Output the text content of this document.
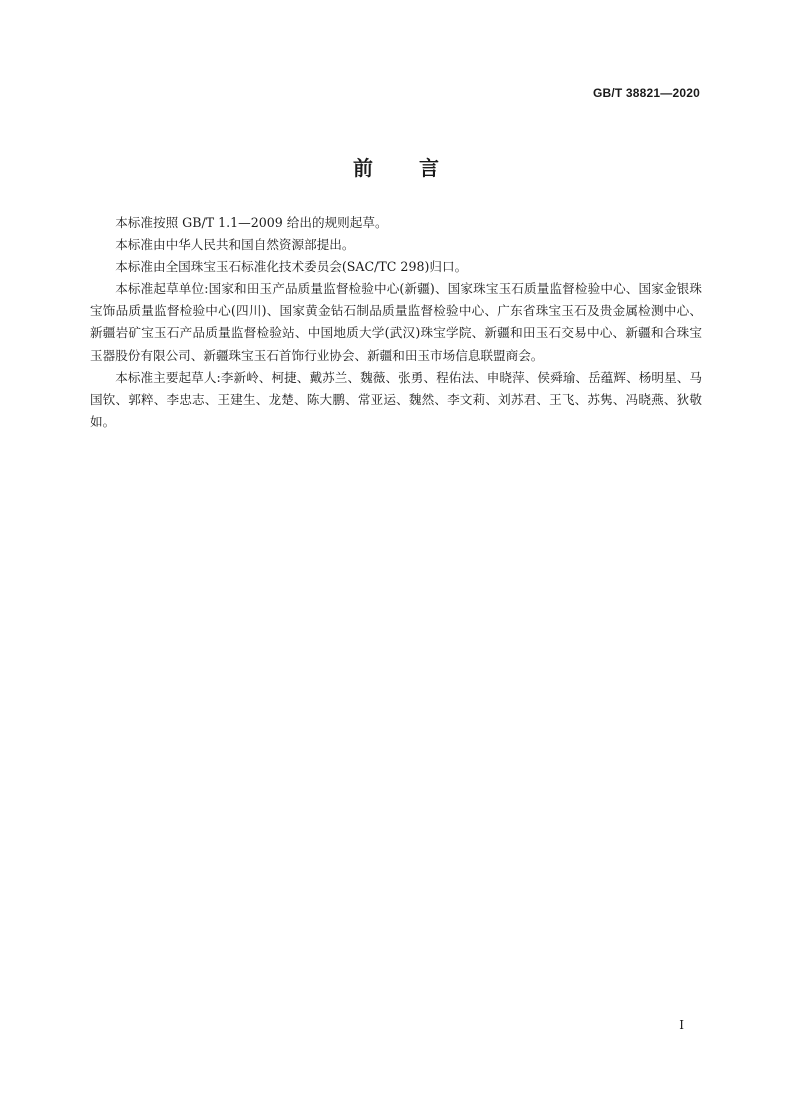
GB/T 38821—2020
前言

本标准按照 GB/T 1.1—2009 给出的规则起草。

本标准由中华人民共和国自然资源部提出。

本标准由全国珠宝玉石标准化技术委员会(SAC/TC 298)归口。

本标准起草单位:国家和田玉产品质量监督检验中心(新疆)、国家珠宝玉石质量监督检验中心、国家金银珠宝饰品质量监督检验中心(四川)、国家黄金钻石制品质量监督检验中心、广东省珠宝玉石及贵金属检测中心、新疆岩矿宝玉石产品质量监督检验站、中国地质大学(武汉)珠宝学院、新疆和田玉石交易中心、新疆和合珠宝玉器股份有限公司、新疆珠宝玉石首饰行业协会、新疆和田玉市场信息联盟商会。

本标准主要起草人:李新岭、柯捷、戴苏兰、魏薇、张勇、程佑法、申晓萍、侯舜瑜、岳蕴辉、杨明星、马国钦、郭粹、李忠志、王建生、龙楚、陈大鹏、常亚运、魏然、李文莉、刘苏君、王飞、苏隽、冯晓燕、狄敬如。

I
